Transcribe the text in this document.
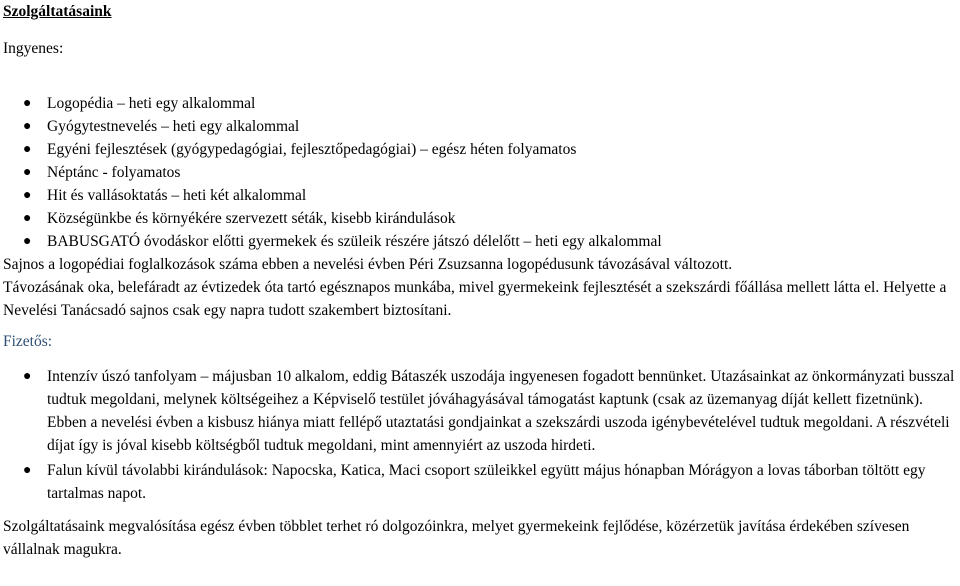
Szolgáltatásaink

Ingyenes:

● Logopédia – heti egy alkalommal
● Gyógytestnevelés – heti egy alkalommal
● Egyéni fejlesztések (gyógypedagógiai, fejlesztőpedagógiai) – egész héten folyamatos
● Néptánc - folyamatos
● Hit és vallásoktatás – heti két alkalommal
● Községünkbe és környékére szervezett séták, kisebb kirándulások
● BABUSGATÓ óvodáskor előtti gyermekek és szüleik részére játszó délelőtt – heti egy alkalommal

Sajnos a logopédiai foglalkozások száma ebben a nevelési évben Péri Zsuzsanna logopédusunk távozásával változott.

Távozásának oka, belefáradt az évtizedek óta tartó egésznapos munkába, mivel gyermekeink fejlesztését a szekszárdi főállása mellett látta el. Helyette a Nevelési Tanácsadó sajnos csak egy napra tudott szakembert biztosítani.

Fizetős:

● Intenzív úszó tanfolyam – májusban 10 alkalom, eddig Bátaszék uszodája ingyenesen fogadott bennünket. Utazásainkat az önkormányzati busszal tudtuk megoldani, melynek költségeihez a Képviselő testület jóváhagyásával támogatást kaptunk (csak az üzemanyag díját kellett fizetnünk). Ebben a nevelési évben a kisbusz hiánya miatt fellépő utaztatási gondjainkat a szekszárdi uszoda igénybevételével tudtuk megoldani. A részvételi díjat így is jóval kisebb költségből tudtuk megoldani, mint amennyiért az uszoda hirdeti.
● Falun kívül távolabbi kirándulások: Napocska, Katica, Maci csoport szüleikkel együtt május hónapban Mórágyon a lovas táborban töltött egy tartalmas napot.

Szolgáltatásaink megvalósítása egész évben többlet terhet ró dolgozóinkra, melyet gyermekeink fejlődése, közérzetük javítása érdekében szívesen vállalnak magukra.
